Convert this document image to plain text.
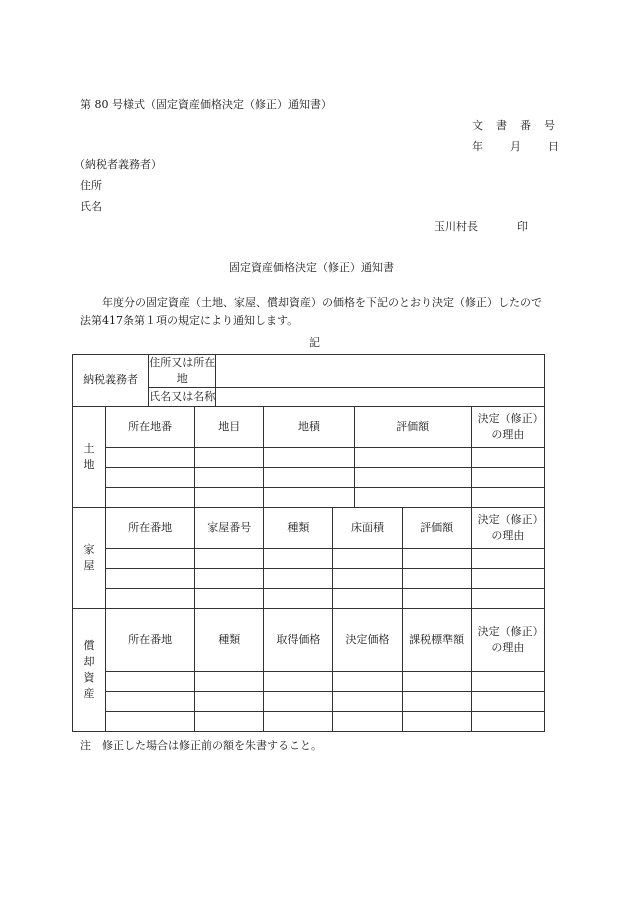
第 80 号様式（固定資産価格決定（修正）通知書）
文書番号
年　月　日
（納税者義務者）
住所
氏名
玉川村長	印
固定資産価格決定（修正）通知書
年度分の固定資産（土地、家屋、償却資産）の価格を下記のとおり決定（修正）したので法第417条第１項の規定により通知します。
記
納税義務者		住所又は所在地							
		氏名又は名称							

土地	所在地番		地目		地積		評価額		決定（修正）の理由

家屋	所在番地		家屋番号		種類	床面積		評価額	決定（修正）の理由

償却資産	所在番地		種類		取得価格	決定価格		課税標準額	決定（修正）の理由

注　修正した場合は修正前の額を朱書すること。
